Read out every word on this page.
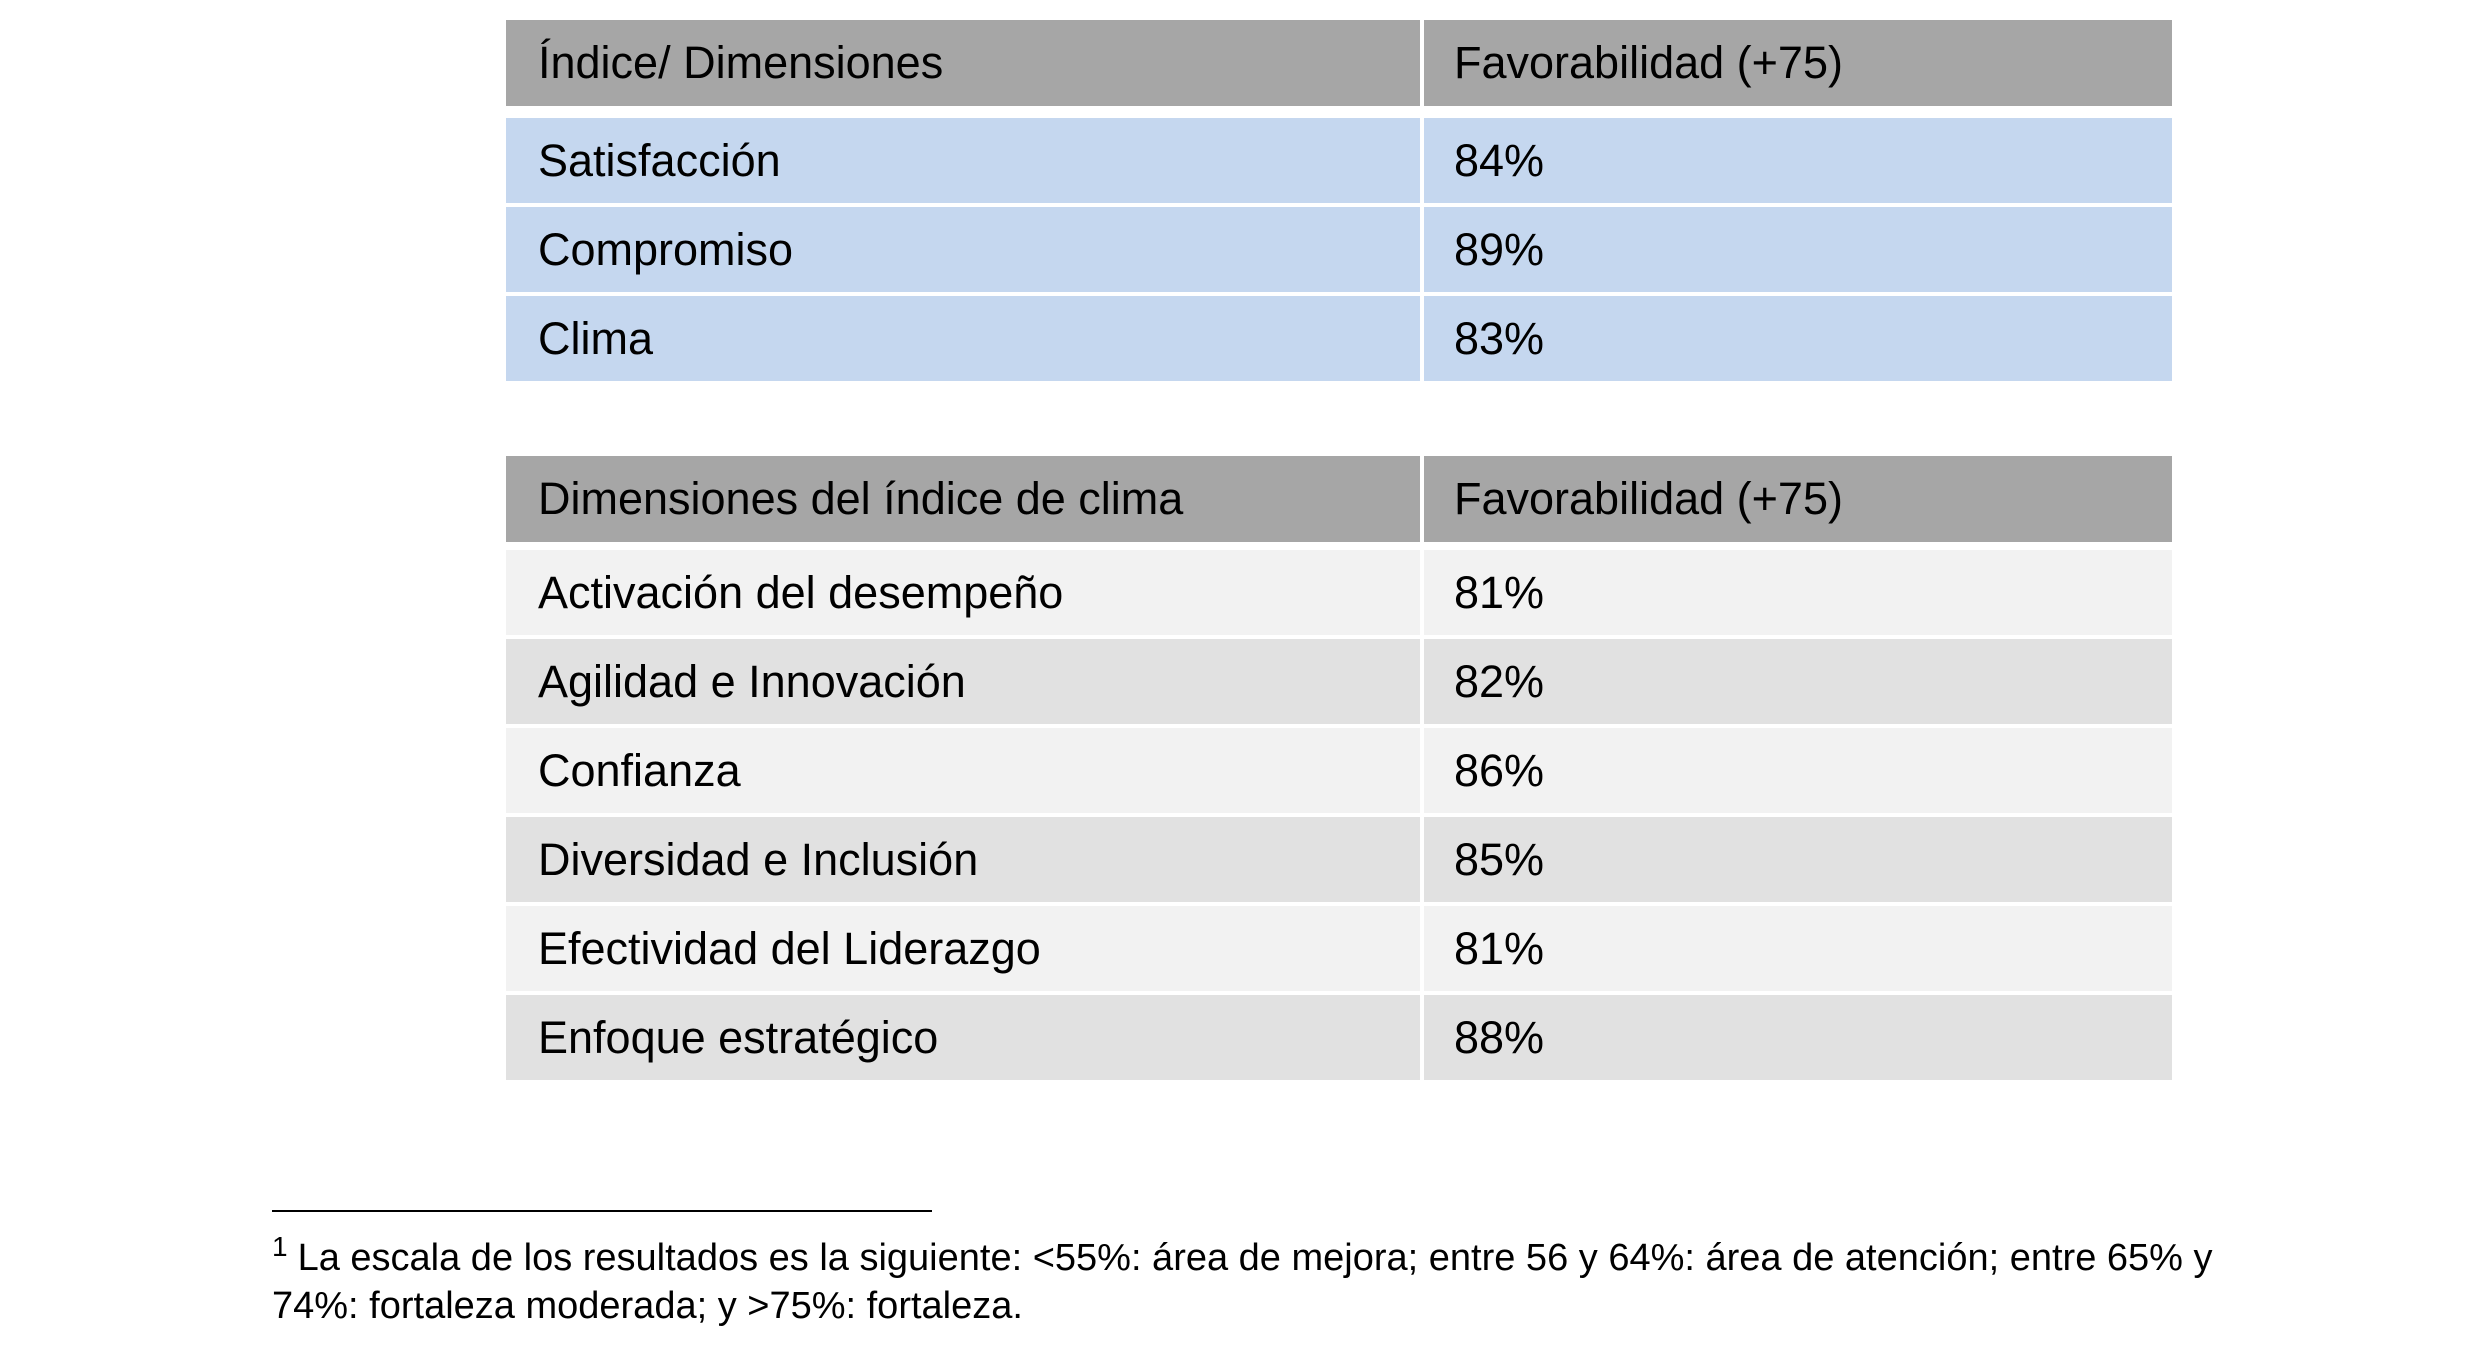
Índice/ Dimensiones	Favorabilidad (+75)
Satisfacción	84%
Compromiso	89%
Clima	83%
Dimensiones del índice de clima	Favorabilidad (+75)
Activación del desempeño	81%
Agilidad e Innovación	82%
Confianza	86%
Diversidad e Inclusión	85%
Efectividad del Liderazgo	81%
Enfoque estratégico	88%
$^1$ La escala de los resultados es la siguiente: <55%: área de mejora; entre 56 y 64%: área de atención; entre 65% y
74%: fortaleza moderada; y >75%: fortaleza.
